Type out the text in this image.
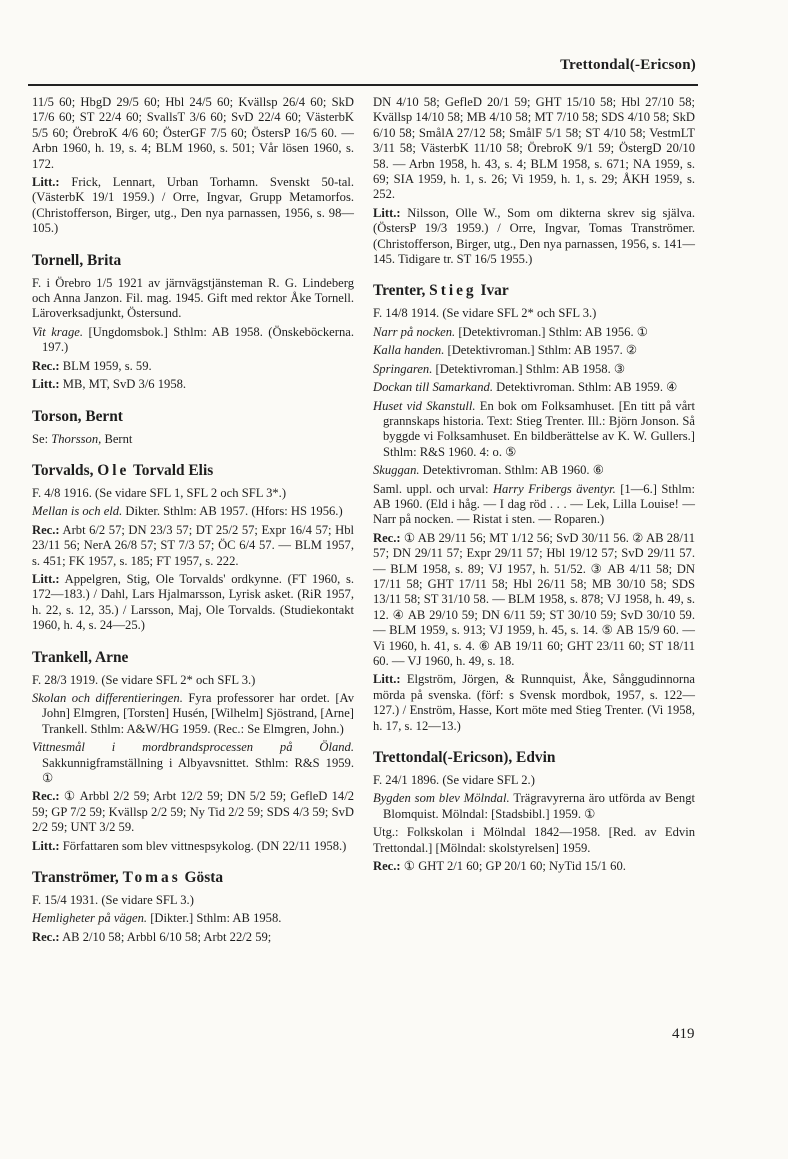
Trettondal(-Ericson)

11/5 60; HbgD 29/5 60; Hbl 24/5 60; Kvällsp 26/4 60; SkD 17/6 60; ST 22/4 60; SvallsT 3/6 60; SvD 22/4 60; VästerbK 5/5 60; ÖrebroK 4/6 60; ÖsterGF 7/5 60; ÖstersP 16/5 60. — Arbn 1960, h. 19, s. 4; BLM 1960, s. 501; Vår lösen 1960, s. 172.

Litt.: Frick, Lennart, Urban Torhamn. Svenskt 50-tal. (VästerbK 19/1 1959.) / Orre, Ingvar, Grupp Metamorfos. (Christofferson, Birger, utg., Den nya parnassen, 1956, s. 98—105.)

Tornell, Brita

F. i Örebro 1/5 1921 av järnvägstjänsteman R. G. Lindeberg och Anna Janzon. Fil. mag. 1945. Gift med rektor Åke Tornell. Läroverksadjunkt, Östersund.

Vit krage. [Ungdomsbok.] Sthlm: AB 1958. (Önskeböckerna. 197.)

Rec.: BLM 1959, s. 59.

Litt.: MB, MT, SvD 3/6 1958.

Torson, Bernt

Se: Thorsson, Bernt

Torvalds, Ole Torvald Elis

F. 4/8 1916. (Se vidare SFL 1, SFL 2 och SFL 3*.)

Mellan is och eld. Dikter. Sthlm: AB 1957. (Hfors: HS 1956.)

Rec.: Arbt 6/2 57; DN 23/3 57; DT 25/2 57; Expr 16/4 57; Hbl 23/11 56; NerA 26/8 57; ST 7/3 57; ÖC 6/4 57. — BLM 1957, s. 451; FK 1957, s. 185; FT 1957, s. 222.

Litt.: Appelgren, Stig, Ole Torvalds' ordkynne. (FT 1960, s. 172—183.) / Dahl, Lars Hjalmarsson, Lyrisk asket. (RiR 1957, h. 22, s. 12, 35.) / Larsson, Maj, Ole Torvalds. (Studiekontakt 1960, h. 4, s. 24—25.)

Trankell, Arne

F. 28/3 1919. (Se vidare SFL 2* och SFL 3.)

Skolan och differentieringen. Fyra professorer har ordet. [Av John] Elmgren, [Torsten] Husén, [Wilhelm] Sjöstrand, [Arne] Trankell. Sthlm: A&W/HG 1959. (Rec.: Se Elmgren, John.)

Vittnesmål i mordbrandsprocessen på Öland. Sakkunnigframställning i Albyavsnittet. Sthlm: R&S 1959. ①

Rec.: ① Arbbl 2/2 59; Arbt 12/2 59; DN 5/2 59; GefleD 14/2 59; GP 7/2 59; Kvällsp 2/2 59; Ny Tid 2/2 59; SDS 4/3 59; SvD 2/2 59; UNT 3/2 59.

Litt.: Författaren som blev vittnespsykolog. (DN 22/11 1958.)

Tranströmer, Tomas Gösta

F. 15/4 1931. (Se vidare SFL 3.)

Hemligheter på vägen. [Dikter.] Sthlm: AB 1958.

Rec.: AB 2/10 58; Arbbl 6/10 58; Arbt 22/2 59;

DN 4/10 58; GefleD 20/1 59; GHT 15/10 58; Hbl 27/10 58; Kvällsp 14/10 58; MB 4/10 58; MT 7/10 58; SDS 4/10 58; SkD 6/10 58; SmålA 27/12 58; SmålF 5/1 58; ST 4/10 58; VestmLT 3/11 58; VästerbK 11/10 58; ÖrebroK 9/1 59; ÖstergD 20/10 58. — Arbn 1958, h. 43, s. 4; BLM 1958, s. 671; NA 1959, s. 69; SIA 1959, h. 1, s. 26; Vi 1959, h. 1, s. 29; ÅKH 1959, s. 252.

Litt.: Nilsson, Olle W., Som om dikterna skrev sig själva. (ÖstersP 19/3 1959.) / Orre, Ingvar, Tomas Tranströmer. (Christofferson, Birger, utg., Den nya parnassen, 1956, s. 141—145. Tidigare tr. ST 16/5 1955.)

Trenter, Stieg Ivar

F. 14/8 1914. (Se vidare SFL 2* och SFL 3.)

Narr på nocken. [Detektivroman.] Sthlm: AB 1956. ①

Kalla handen. [Detektivroman.] Sthlm: AB 1957. ②

Springaren. [Detektivroman.] Sthlm: AB 1958. ③

Dockan till Samarkand. Detektivroman. Sthlm: AB 1959. ④

Huset vid Skanstull. En bok om Folksamhuset. [En titt på vårt grannskaps historia. Text: Stieg Trenter. Ill.: Björn Jonson. Så byggde vi Folksamhuset. En bildberättelse av K. W. Gullers.] Sthlm: R&S 1960. 4: o. ⑤

Skuggan. Detektivroman. Sthlm: AB 1960. ⑥

Saml. uppl. och urval: Harry Fribergs äventyr. [1—6.] Sthlm: AB 1960. (Eld i håg. — I dag röd . . . — Lek, Lilla Louise! — Narr på nocken. — Ristat i sten. — Roparen.)

Rec.: ① AB 29/11 56; MT 1/12 56; SvD 30/11 56. ② AB 28/11 57; DN 29/11 57; Expr 29/11 57; Hbl 19/12 57; SvD 29/11 57. — BLM 1958, s. 89; VJ 1957, h. 51/52. ③ AB 4/11 58; DN 17/11 58; GHT 17/11 58; Hbl 26/11 58; MB 30/10 58; SDS 13/11 58; ST 31/10 58. — BLM 1958, s. 878; VJ 1958, h. 49, s. 12. ④ AB 29/10 59; DN 6/11 59; ST 30/10 59; SvD 30/10 59. — BLM 1959, s. 913; VJ 1959, h. 45, s. 14. ⑤ AB 15/9 60. — Vi 1960, h. 41, s. 4. ⑥ AB 19/11 60; GHT 23/11 60; ST 18/11 60. — VJ 1960, h. 49, s. 18.

Litt.: Elgström, Jörgen, & Runnquist, Åke, Sånggudinnorna mörda på svenska. (förf: s Svensk mordbok, 1957, s. 122—127.) / Enström, Hasse, Kort möte med Stieg Trenter. (Vi 1958, h. 17, s. 12—13.)

Trettondal(-Ericson), Edvin

F. 24/1 1896. (Se vidare SFL 2.)

Bygden som blev Mölndal. Trägravyrerna äro utförda av Bengt Blomquist. Mölndal: [Stadsbibl.] 1959. ①

Utg.: Folkskolan i Mölndal 1842—1958. [Red. av Edvin Trettondal.] [Mölndal: skolstyrelsen] 1959.

Rec.: ① GHT 2/1 60; GP 20/1 60; NyTid 15/1 60.

419
